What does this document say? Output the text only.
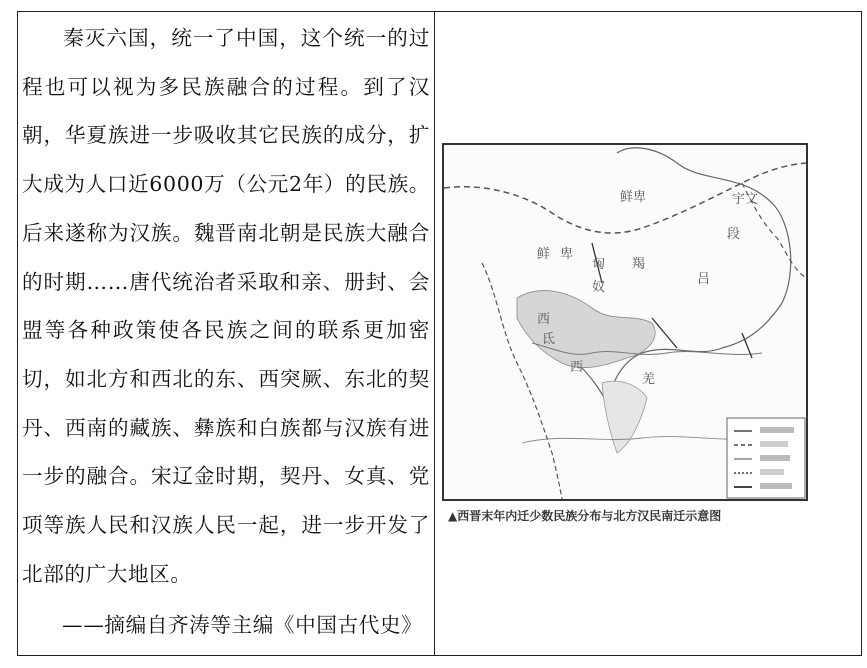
秦灭六国，统一了中国，这个统一的过程也可以视为多民族融合的过程。到了汉朝，华夏族进一步吸收其它民族的成分，扩大成为人口近6000万（公元2年）的民族。后来遂称为汉族。魏晋南北朝是民族大融合的时期……唐代统治者采取和亲、册封、会盟等各种政策使各民族之间的联系更加密切，如北方和西北的东、西突厥、东北的契丹、西南的藏族、彝族和白族都与汉族有进一步的融合。宋辽金时期，契丹、女真、党项等族人民和汉族人民一起，进一步开发了北部的广大地区。

——摘编自齐涛等主编《中国古代史》
西
氐
西
羌
鲜 卑
匈
奴
羯
鲜卑	宇文
段
吕
▲西晋末年内迁少数民族分布与北方汉民南迁示意图
